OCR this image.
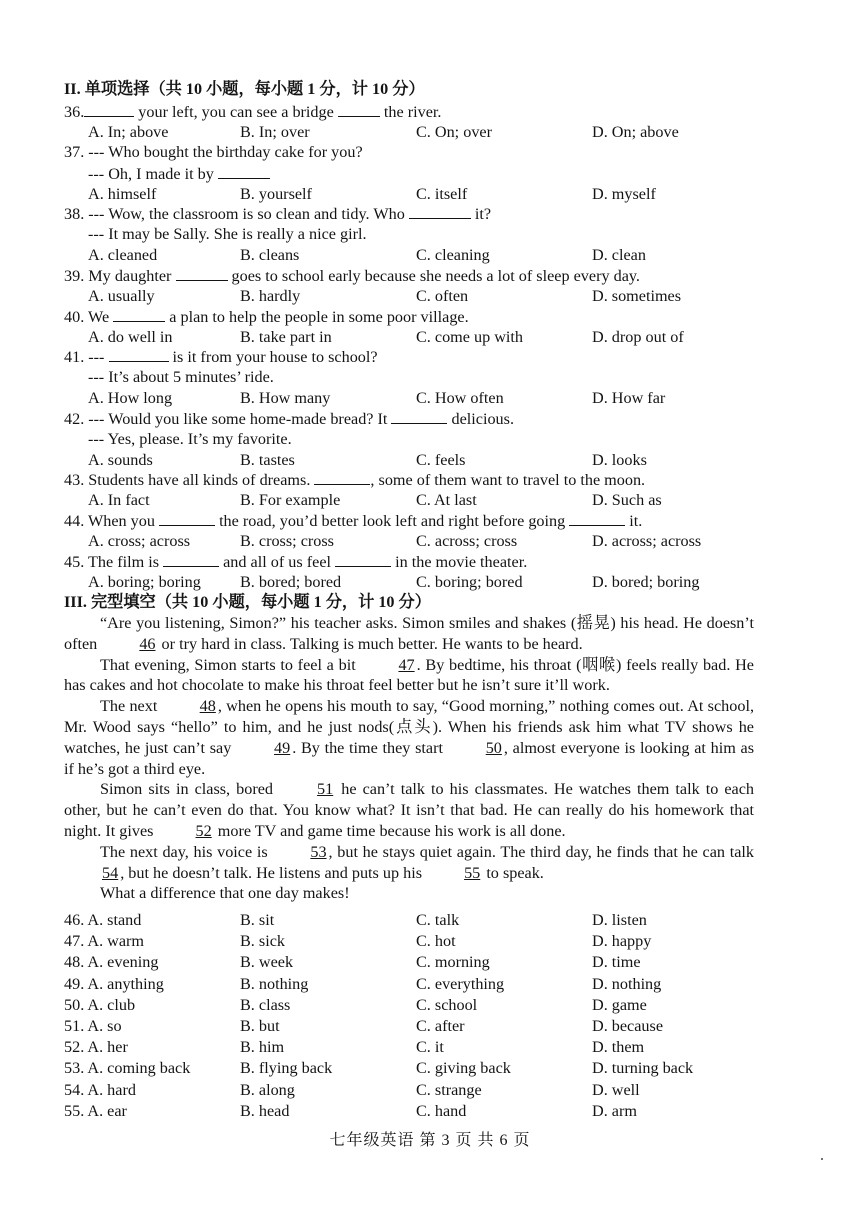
II. 单项选择（共 10 小题，每小题 1 分，计 10 分）
36.	your left, you can see a bridge	the river.
A. In; above	B. In; over	C. On; over	D. On; above
37. --- Who bought the birthday cake for you?
--- Oh, I made it by
A. himself	B. yourself	C. itself	D. myself
38. --- Wow, the classroom is so clean and tidy. Who	it?
--- It may be Sally. She is really a nice girl.
A. cleaned	B. cleans	C. cleaning	D. clean
39. My daughter	goes to school early because she needs a lot of sleep every day.
A. usually	B. hardly	C. often	D. sometimes
40. We	a plan to help the people in some poor village.
A. do well in	B. take part in	C. come up with	D. drop out of
41. ---	is it from your house to school?
--- It’s about 5 minutes’ ride.
A. How long	B. How many	C. How often	D. How far
42. --- Would you like some home-made bread? It	delicious.
--- Yes, please. It’s my favorite.
A. sounds	B. tastes	C. feels	D. looks
43. Students have all kinds of dreams.	, some of them want to travel to the moon.
A. In fact	B. For example	C. At last	D. Such as
44. When you	the road, you’d better look left and right before going	it.
A. cross; across	B. cross; cross	C. across; cross	D. across; across
45. The film is	and all of us feel	in the movie theater.
A. boring; boring B. bored; bored	C. boring; bored	D. bored; boring
III. 完型填空（共 10 小题，每小题 1 分，计 10 分）

“Are you listening, Simon?” his teacher asks. Simon smiles and shakes (摇晃) his head. He doesn’t often 46 or try hard in class. Talking is much better. He wants to be heard.

That evening, Simon starts to feel a bit 47 . By bedtime, his throat (咽喉) feels really bad. He has cakes and hot chocolate to make his throat feel better but he isn’t sure it’ll work.

The next 48 , when he opens his mouth to say, “Good morning,” nothing comes out. At school, Mr. Wood says “hello” to him, and he just nods(点头). When his friends ask him what TV shows he watches, he just can’t say 49 . By the time they start 50 , almost everyone is looking at him as if he’s got a third eye.

Simon sits in class, bored 51 he can’t talk to his classmates. He watches them talk to each other, but he can’t even do that. You know what? It isn’t that bad. He can really do his homework that night. It gives 52 more TV and game time because his work is all done.

The next day, his voice is 53 , but he stays quiet again. The third day, he finds that he can talk 54 , but he doesn’t talk. He listens and puts up his 55 to speak.

What a difference that one day makes!

46. A. stand	B. sit	C. talk	D. listen
47. A. warm	B. sick	C. hot	D. happy
48. A. evening	B. week	C. morning	D. time
49. A. anything	B. nothing	C. everything	D. nothing
50. A. club	B. class	C. school	D. game
51. A. so	B. but	C. after	D. because
52. A. her	B. him	C. it	D. them
53. A. coming back	B. flying back	C. giving back	D. turning back
54. A. hard	B. along	C. strange	D. well
55. A. ear	B. head	C. hand	D. arm
七年级英语 第 3 页 共 6 页
